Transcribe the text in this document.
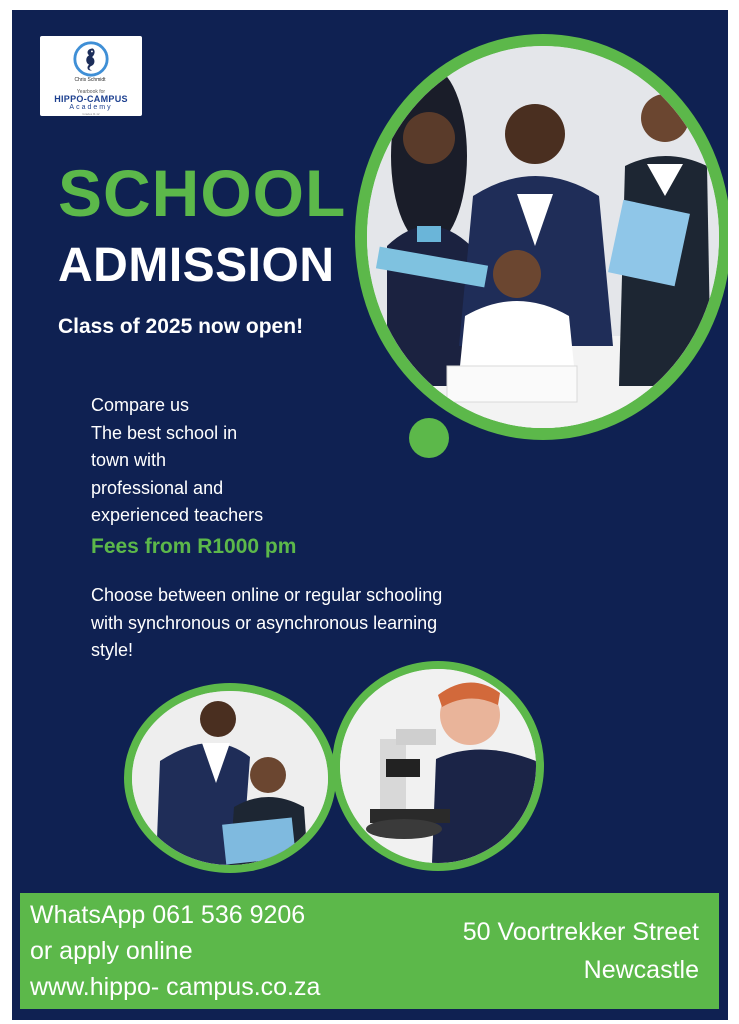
Chris Schmidt
Yearbook for
HIPPO-CAMPUS
Academy
Grades R-12
SCHOOL
ADMISSION
Class of 2025 now open!
Compare us
The best school in
town with
professional and
experienced teachers
Fees from R1000 pm
Choose between online or regular schooling
with synchronous or asynchronous learning
style!
WhatsApp 061 536 9206
or apply online
www.hippo- campus.co.za
50 Voortrekker Street
Newcastle
